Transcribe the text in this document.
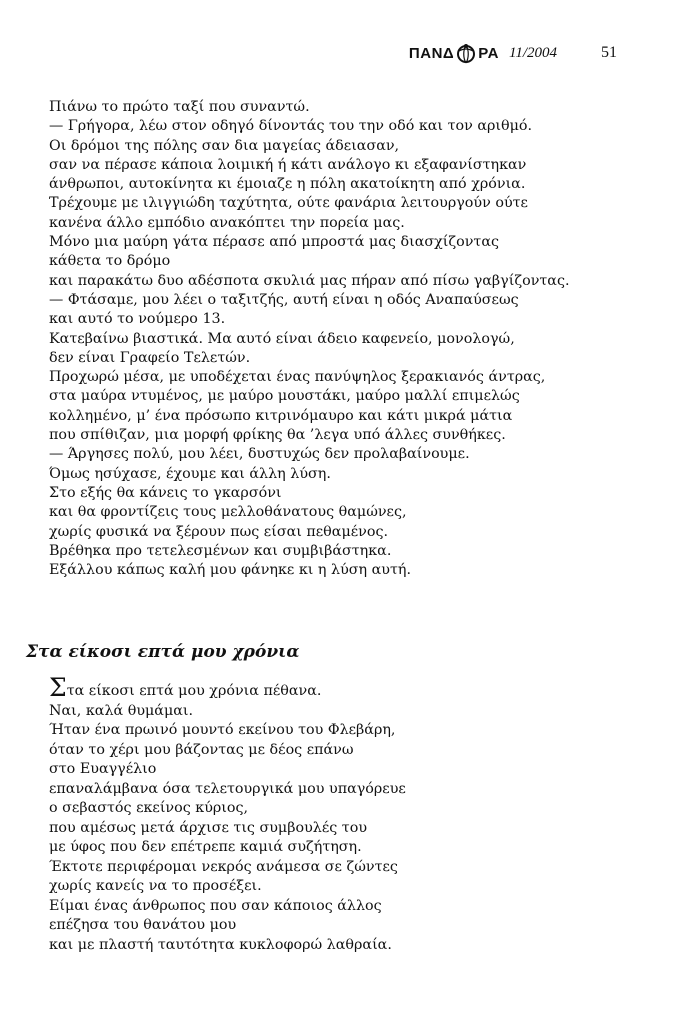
ΠΑΝΔ ΡΑ 11/2004	51
Πιάνω το πρώτο ταξί που συναντώ.
— Γρήγορα, λέω στον οδηγό δίνοντάς του την οδό και τον αριθμό.
Οι δρόμοι της πόλης σαν δια μαγείας άδειασαν,
σαν να πέρασε κάποια λοιμική ή κάτι ανάλογο κι εξαφανίστηκαν
άνθρωποι, αυτοκίνητα κι έμοιαζε η πόλη ακατοίκητη από χρόνια.
Τρέχουμε με ιλιγγιώδη ταχύτητα, ούτε φανάρια λειτουργούν ούτε
κανένα άλλο εμπόδιο ανακόπτει την πορεία μας.
Μόνο μια μαύρη γάτα πέρασε από μπροστά μας διασχίζοντας
κάθετα το δρόμο
και παρακάτω δυο αδέσποτα σκυλιά μας πήραν από πίσω γαβγίζοντας.
— Φτάσαμε, μου λέει ο ταξιτζής, αυτή είναι η οδός Αναπαύσεως
και αυτό το νούμερο 13.
Κατεβαίνω βιαστικά. Μα αυτό είναι άδειο καφενείο, μονολογώ,
δεν είναι Γραφείο Τελετών.
Προχωρώ μέσα, με υποδέχεται ένας πανύψηλος ξερακιανός άντρας,
στα μαύρα ντυμένος, με μαύρο μουστάκι, μαύρο μαλλί επιμελώς
κολλημένο, μ’ ένα πρόσωπο κιτρινόμαυρο και κάτι μικρά μάτια
που σπίθιζαν, μια μορφή φρίκης θα ’λεγα υπό άλλες συνθήκες.
— Άργησες πολύ, μου λέει, δυστυχώς δεν προλαβαίνουμε.
Όμως ησύχασε, έχουμε και άλλη λύση.
Στο εξής θα κάνεις το γκαρσόνι
και θα φροντίζεις τους μελλοθάνατους θαμώνες,
χωρίς φυσικά να ξέρουν πως είσαι πεθαμένος.
Βρέθηκα προ τετελεσμένων και συμβιβάστηκα.
Εξάλλου κάπως καλή μου φάνηκε κι η λύση αυτή.
Στα είκοσι επτά μου χρόνια
Στα είκοσι επτά μου χρόνια πέθανα.
Ναι, καλά θυμάμαι.
Ήταν ένα πρωινό μουντό εκείνου του Φλεβάρη,
όταν το χέρι μου βάζοντας με δέος επάνω
στο Ευαγγέλιο
επαναλάμβανα όσα τελετουργικά μου υπαγόρευε
ο σεβαστός εκείνος κύριος,
που αμέσως μετά άρχισε τις συμβουλές του
με ύφος που δεν επέτρεπε καμιά συζήτηση.
Έκτοτε περιφέρομαι νεκρός ανάμεσα σε ζώντες
χωρίς κανείς να το προσέξει.
Είμαι ένας άνθρωπος που σαν κάποιος άλλος
επέζησα του θανάτου μου
και με πλαστή ταυτότητα κυκλοφορώ λαθραία.
